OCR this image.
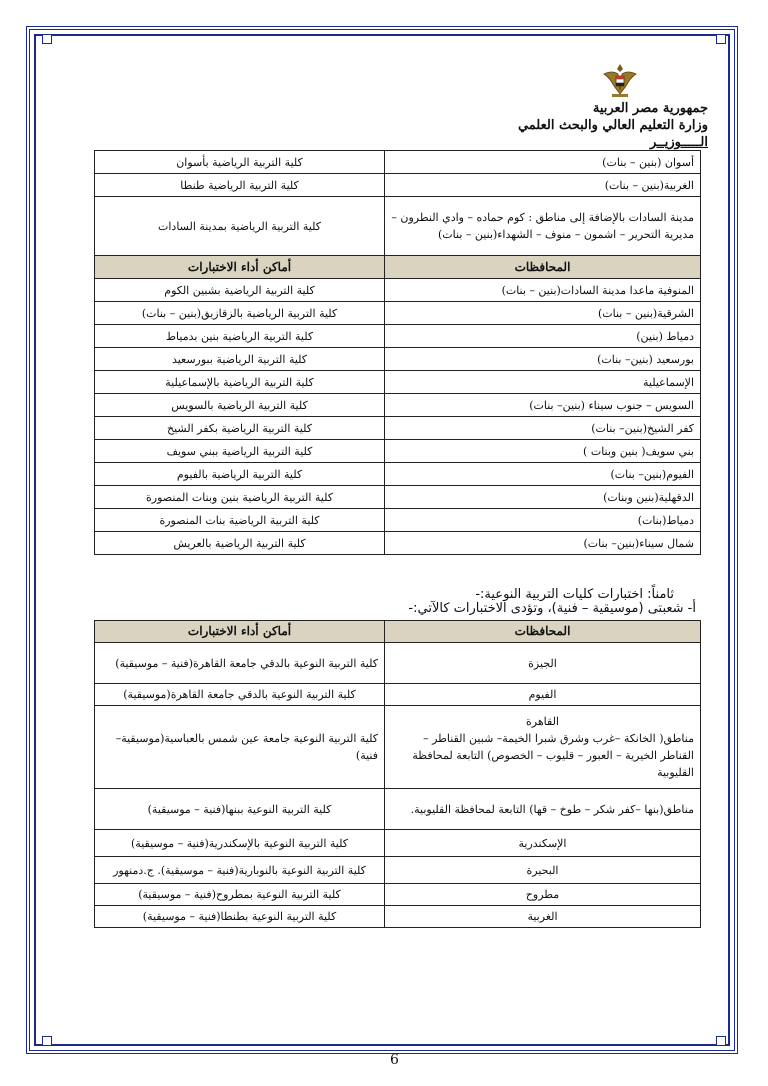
جمهورية مصر العربية
وزارة التعليم العالي والبحث العلمي
الـــــوزيــر
أسوان (بنين – بنات)	كلية التربية الرياضية بأسوان
الغربية(بنين – بنات)	كلية التربية الرياضية طنطا
مدينة السادات بالإضافة إلى مناطق : كوم حماده – وادي النطرون – مديرية التحرير – اشمون – منوف – الشهداء(بنين – بنات)	كلية التربية الرياضية بمدينة السادات
المحافظات	أماكن أداء الاختبارات
المنوفية ماعدا مدينة السادات(بنين – بنات)	كلية التربية الرياضية بشبين الكوم
الشرقية(بنين – بنات)	كلية التربية الرياضية بالزقازيق(بنين – بنات)
دمياط (بنين)	كلية التربية الرياضية بنين بدمياط
بورسعيد (بنين– بنات)	كلية التربية الرياضية ببورسعيد
الإسماعيلية	كلية التربية الرياضية بالإسماعيلية
السويس – جنوب سيناء (بنين– بنات)	كلية التربية الرياضية بالسويس
كفر الشيخ(بنين– بنات)	كلية التربية الرياضية بكفر الشيخ
بني سويف( بنين وبنات )	كلية التربية الرياضية ببني سويف
الفيوم(بنين– بنات)	كلية التربية الرياضية بالفيوم
الدقهلية(بنين وبنات)	كلية التربية الرياضية بنين وبنات المنصورة
دمياط(بنات)	كلية التربية الرياضية بنات المنصورة
شمال سيناء(بنين– بنات)	كلية التربية الرياضية بالعريش
ثامناً: اختبارات كليات التربية النوعية:-
أ- شعبتى (موسيقية – فنية)، وتؤدى الاختبارات كالآتي:-
المحافظات	أماكن أداء الاختبارات
الجيزة	كلية التربية النوعية بالدقي جامعة القاهرة(فنية – موسيقية)
الفيوم	كلية التربية النوعية بالدقي جامعة القاهرة(موسيقية)

القاهرة
مناطق( الخانكة –غرب وشرق شبرا الخيمة– شبين القناطر – القناطر الخيرية – العبور – قليوب – الخصوص) التابعة لمحافظة القليوبية	كلية التربية النوعية جامعة عين شمس بالعباسية(موسيقية– فنية)
مناطق(بنها –كفر شكر – طوخ – قها) التابعة لمحافظة القليوبية.	كلية التربية النوعية ببنها(فنية – موسيقية)
الإسكندرية	كلية التربية النوعية بالإسكندرية(فنية – موسيقية)
البحيرة	كلية التربية النوعية بالنوبارية(فنية – موسيقية). ج.دمنهور
مطروح	كلية التربية النوعية بمطروح(فنية – موسيقية)
الغربية	كلية التربية النوعية بطنطا(فنية – موسيقية)
6
